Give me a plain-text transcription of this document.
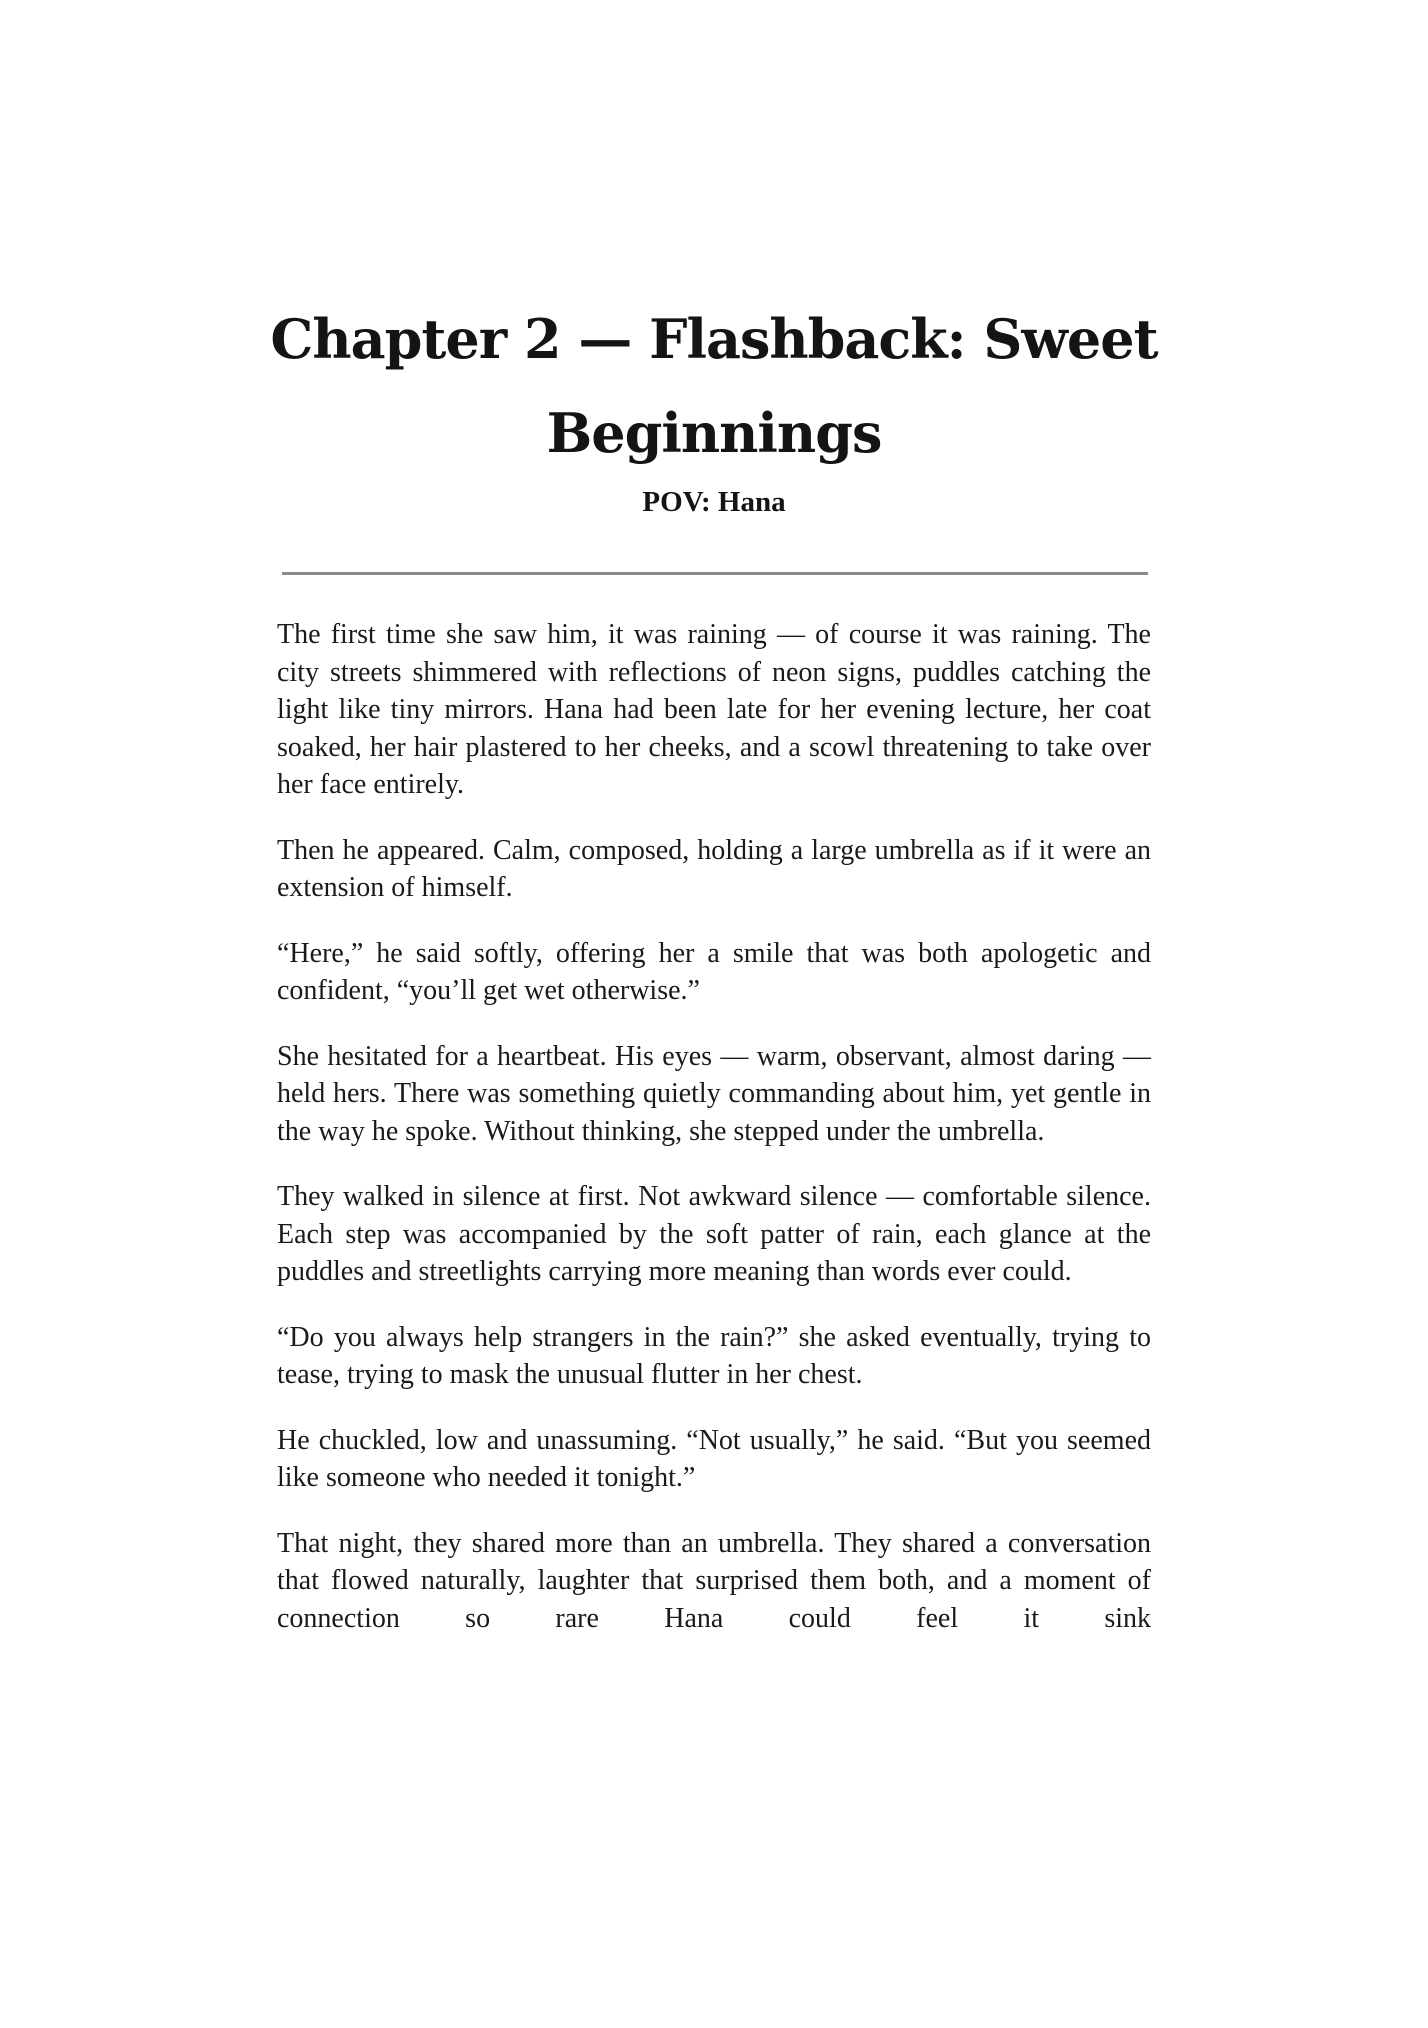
Chapter 2 — Flashback: Sweet
Beginnings
POV: Hana

The first time she saw him, it was raining — of course it was raining. The city streets shimmered with reflections of neon signs, puddles catching the light like tiny mirrors. Hana had been late for her evening lecture, her coat soaked, her hair plastered to her cheeks, and a scowl threatening to take over her face entirely.

Then he appeared. Calm, composed, holding a large umbrella as if it were an extension of himself.

“Here,” he said softly, offering her a smile that was both apologetic and confident, “you’ll get wet otherwise.”

She hesitated for a heartbeat. His eyes — warm, observant, almost daring — held hers. There was something quietly commanding about him, yet gentle in the way he spoke. Without thinking, she stepped under the umbrella.

They walked in silence at first. Not awkward silence — comfortable silence. Each step was accompanied by the soft patter of rain, each glance at the puddles and streetlights carrying more meaning than words ever could.

“Do you always help strangers in the rain?” she asked eventually, trying to tease, trying to mask the unusual flutter in her chest.

He chuckled, low and unassuming. “Not usually,” he said. “But you seemed like someone who needed it tonight.”

That night, they shared more than an umbrella. They shared a conversation that flowed naturally, laughter that surprised them both, and a moment of connection so rare Hana could feel it sink
